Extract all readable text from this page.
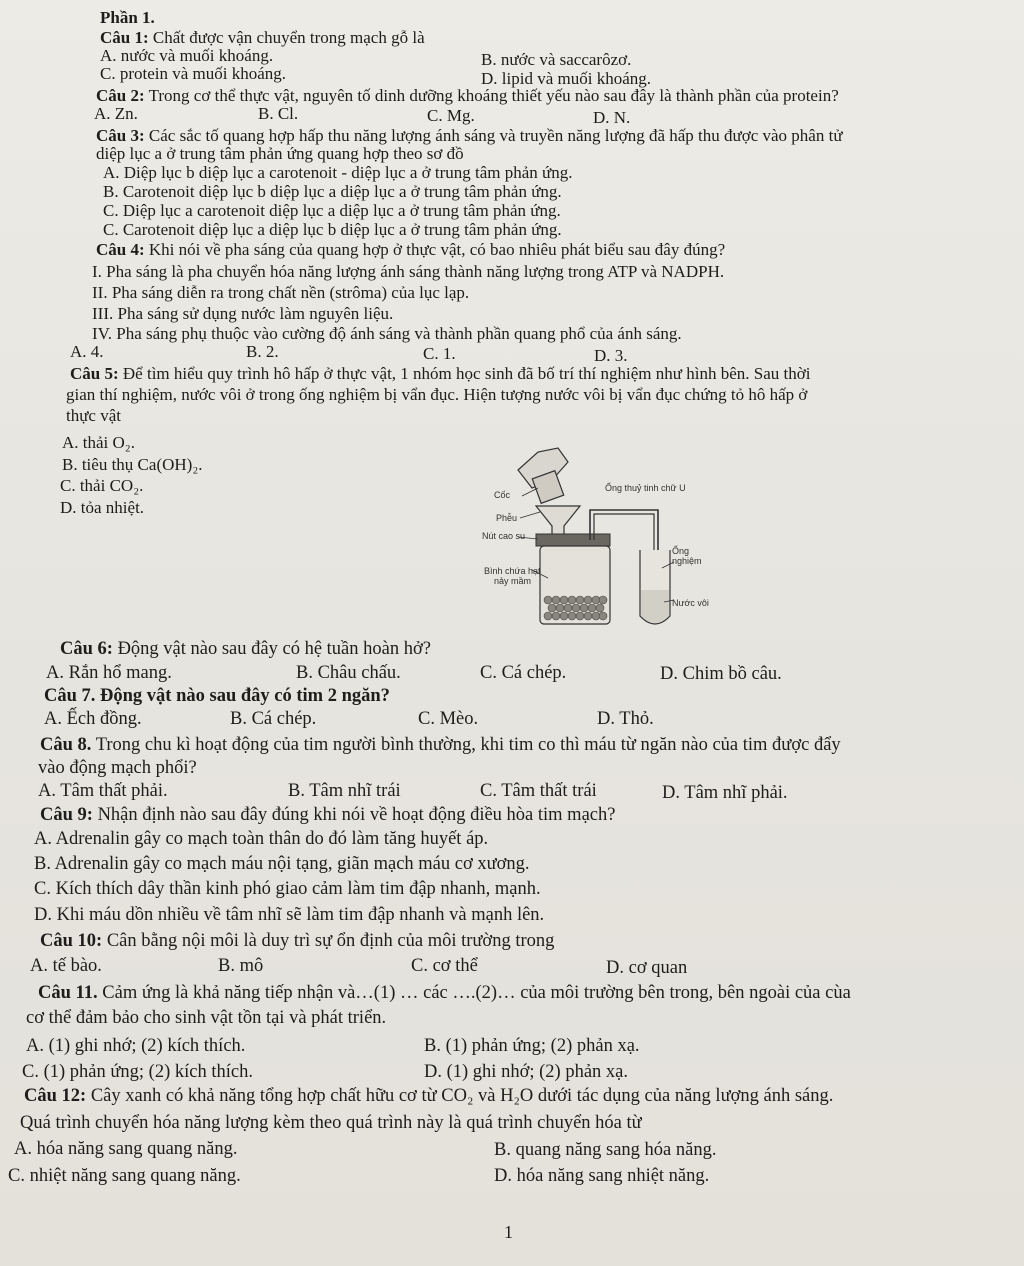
Phần 1.
Câu 1: Chất được vận chuyển trong mạch gỗ là
A. nước và muối khoáng.	B. nước và saccarôzơ.
C. protein và muối khoáng.	D. lipid và muối khoáng.
Câu 2: Trong cơ thể thực vật, nguyên tố dinh dưỡng khoáng thiết yếu nào sau đây là thành phần của protein?
A. Zn.	B. Cl.	C. Mg.	D. N.
Câu 3: Các sắc tố quang hợp hấp thu năng lượng ánh sáng và truyền năng lượng đã hấp thu được vào phân tử
diệp lục a ở trung tâm phản ứng quang hợp theo sơ đồ
A. Diệp lục b diệp lục a carotenoit - diệp lục a ở trung tâm phản ứng.
B. Carotenoit diệp lục b diệp lục a diệp lục a ở trung tâm phản ứng.
C. Diệp lục a carotenoit diệp lục a diệp lục a ở trung tâm phản ứng.
C. Carotenoit diệp lục a diệp lục b diệp lục a ở trung tâm phản ứng.
Câu 4: Khi nói về pha sáng của quang hợp ở thực vật, có bao nhiêu phát biểu sau đây đúng?
I. Pha sáng là pha chuyển hóa năng lượng ánh sáng thành năng lượng trong ATP và NADPH.
II. Pha sáng diễn ra trong chất nền (strôma) của lục lạp.
III. Pha sáng sử dụng nước làm nguyên liệu.
IV. Pha sáng phụ thuộc vào cường độ ánh sáng và thành phần quang phổ của ánh sáng.
A. 4.	B. 2.	C. 1.	D. 3.
Câu 5: Để tìm hiểu quy trình hô hấp ở thực vật, 1 nhóm học sinh đã bố trí thí nghiệm như hình bên. Sau thời
gian thí nghiệm, nước vôi ở trong ống nghiệm bị vẩn đục. Hiện tượng nước vôi bị vẩn đục chứng tỏ hô hấp ở
thực vật
A. thải O₂.
B. tiêu thụ Ca(OH)₂.
C. thải CO₂.
D. tỏa nhiệt.
Cốc
Ống thuỷ tinh chữ U
Phễu
Nút cao su
Ống
nghiệm
Bình chứa hạt
nảy mầm
Nước vôi
Câu 6: Động vật nào sau đây có hệ tuần hoàn hở?
A. Rắn hổ mang.	B. Châu chấu.	C. Cá chép.	D. Chim bồ câu.
Câu 7. Động vật nào sau đây có tim 2 ngăn?
A. Ếch đồng.	B. Cá chép.	C. Mèo.	D. Thỏ.
Câu 8. Trong chu kì hoạt động của tim người bình thường, khi tim co thì máu từ ngăn nào của tim được đẩy
vào động mạch phổi?
A. Tâm thất phải.	B. Tâm nhĩ trái	C. Tâm thất trái	D. Tâm nhĩ phải.
Câu 9: Nhận định nào sau đây đúng khi nói về hoạt động điều hòa tim mạch?
A. Adrenalin gây co mạch toàn thân do đó làm tăng huyết áp.
B. Adrenalin gây co mạch máu nội tạng, giãn mạch máu cơ xương.
C. Kích thích dây thần kinh phó giao cảm làm tim đập nhanh, mạnh.
D. Khi máu dồn nhiều về tâm nhĩ sẽ làm tim đập nhanh và mạnh lên.
Câu 10: Cân bằng nội môi là duy trì sự ổn định của môi trường trong
A. tế bào.	B. mô	C. cơ thể	D. cơ quan
Câu 11. Cảm ứng là khả năng tiếp nhận và…(1) … các ….(2)… của môi trường bên trong, bên ngoài của cùa
cơ thể đảm bảo cho sinh vật tồn tại và phát triển.
A. (1) ghi nhớ; (2) kích thích.	B. (1) phản ứng; (2) phản xạ.
C. (1) phản ứng; (2) kích thích.	D. (1) ghi nhớ; (2) phản xạ.
Câu 12: Cây xanh có khả năng tổng hợp chất hữu cơ từ CO₂ và H₂O dưới tác dụng của năng lượng ánh sáng.
Quá trình chuyển hóa năng lượng kèm theo quá trình này là quá trình chuyển hóa từ
A. hóa năng sang quang năng.	B. quang năng sang hóa năng.
C. nhiệt năng sang quang năng.	D. hóa năng sang nhiệt năng.
1
